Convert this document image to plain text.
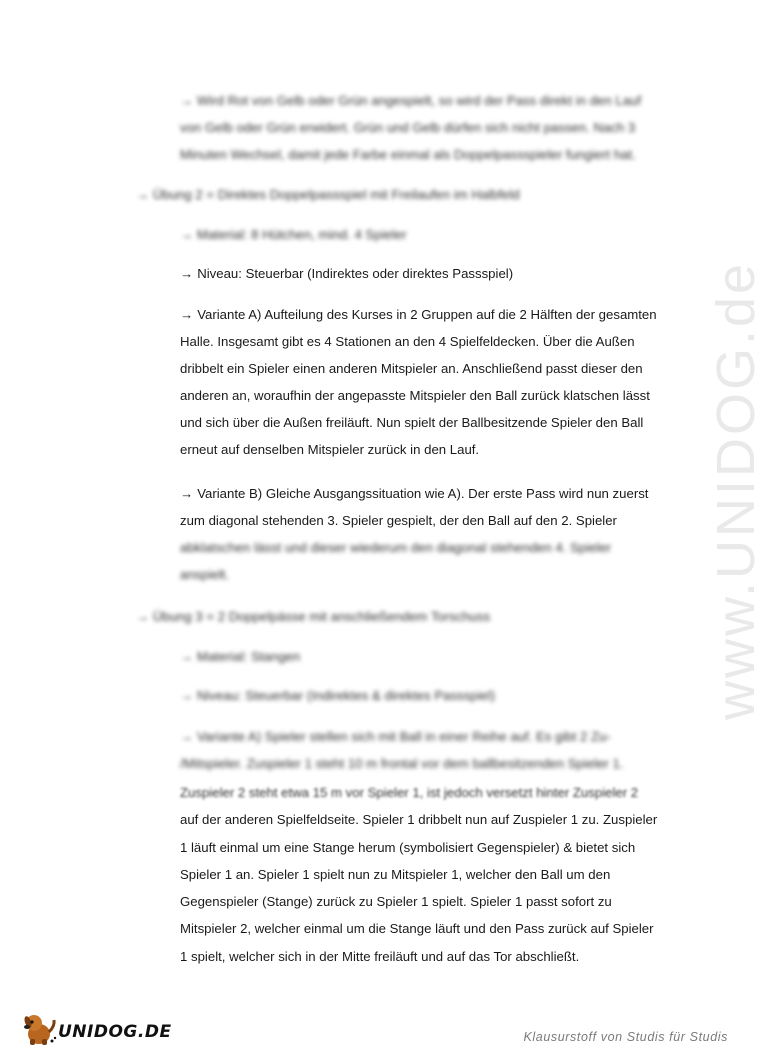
→ Wird Rot von Gelb oder Grün angespielt, so wird der Pass direkt in den Lauf
von Gelb oder Grün erwidert. Grün und Gelb dürfen sich nicht passen. Nach 3
Minuten Wechsel, damit jede Farbe einmal als Doppelpassspieler fungiert hat.
→ Übung 2 = Direktes Doppelpassspiel mit Freilaufen im Halbfeld
→ Material: 8 Hütchen, mind. 4 Spieler
→ Niveau: Steuerbar (Indirektes oder direktes Passspiel)
→ Variante A) Aufteilung des Kurses in 2 Gruppen auf die 2 Hälften der gesamten
Halle. Insgesamt gibt es 4 Stationen an den 4 Spielfeldecken. Über die Außen
dribbelt ein Spieler einen anderen Mitspieler an. Anschließend passt dieser den
anderen an, woraufhin der angepasste Mitspieler den Ball zurück klatschen lässt
und sich über die Außen freiläuft. Nun spielt der Ballbesitzende Spieler den Ball
erneut auf denselben Mitspieler zurück in den Lauf.
→ Variante B) Gleiche Ausgangssituation wie A). Der erste Pass wird nun zuerst
zum diagonal stehenden 3. Spieler gespielt, der den Ball auf den 2. Spieler
abklatschen lässt und dieser wiederum den diagonal stehenden 4. Spieler
anspielt.
→ Übung 3 = 2 Doppelpässe mit anschließendem Torschuss
→ Material: Stangen
→ Niveau: Steuerbar (Indirektes & direktes Passspiel)
→ Variante A) Spieler stellen sich mit Ball in einer Reihe auf. Es gibt 2 Zu-
/Mitspieler. Zuspieler 1 steht 10 m frontal vor dem ballbesitzenden Spieler 1.
Zuspieler 2 steht etwa 15 m vor Spieler 1, ist jedoch versetzt hinter Zuspieler 2
auf der anderen Spielfeldseite. Spieler 1 dribbelt nun auf Zuspieler 1 zu. Zuspieler
1 läuft einmal um eine Stange herum (symbolisiert Gegenspieler) & bietet sich
Spieler 1 an. Spieler 1 spielt nun zu Mitspieler 1, welcher den Ball um den
Gegenspieler (Stange) zurück zu Spieler 1 spielt. Spieler 1 passt sofort zu
Mitspieler 2, welcher einmal um die Stange läuft und den Pass zurück auf Spieler
1 spielt, welcher sich in der Mitte freiläuft und auf das Tor abschließt.
www.UNIDOG.de
UNIDOG.DE	Klausurstoff von Studis für Studis
